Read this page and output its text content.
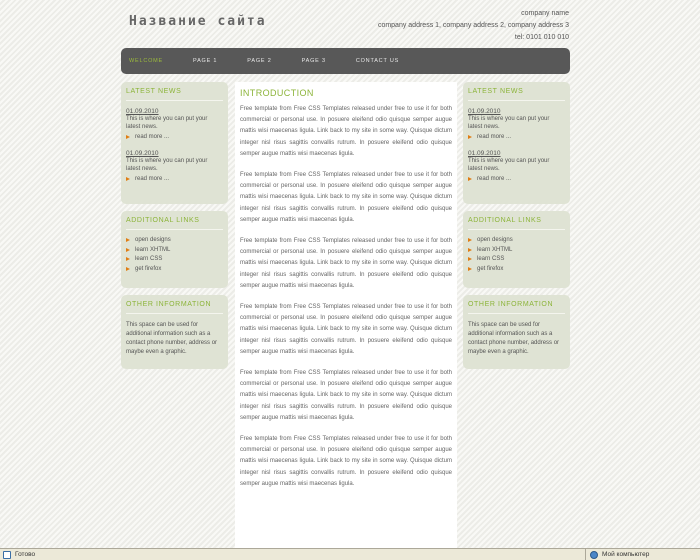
Название сайта
company name
company address 1, company address 2, company address 3
tel: 0101 010 010
WELCOME	PAGE 1	PAGE 2	PAGE 3	CONTACT US
LATEST NEWS
01.09.2010
This is where you can put your latest news.
read more ...
01.09.2010
This is where you can put your latest news.
read more ...
ADDITIONAL LINKS
open designs
learn XHTML
learn CSS
get firefox
OTHER INFORMATION

This space can be used for additional information such as a contact phone number, address or maybe even a graphic.

INTRODUCTION

Free template from Free CSS Templates released under free to use it for both commercial or personal use. In posuere eleifend odio quisque semper augue mattis wisi maecenas ligula. Link back to my site in some way. Quisque dictum integer nisl risus sagittis convallis rutrum. In posuere eleifend odio quisque semper augue mattis wisi maecenas ligula.

Free template from Free CSS Templates released under free to use it for both commercial or personal use. In posuere eleifend odio quisque semper augue mattis wisi maecenas ligula. Link back to my site in some way. Quisque dictum integer nisl risus sagittis convallis rutrum. In posuere eleifend odio quisque semper augue mattis wisi maecenas ligula.

Free template from Free CSS Templates released under free to use it for both commercial or personal use. In posuere eleifend odio quisque semper augue mattis wisi maecenas ligula. Link back to my site in some way. Quisque dictum integer nisl risus sagittis convallis rutrum. In posuere eleifend odio quisque semper augue mattis wisi maecenas ligula.

Free template from Free CSS Templates released under free to use it for both commercial or personal use. In posuere eleifend odio quisque semper augue mattis wisi maecenas ligula. Link back to my site in some way. Quisque dictum integer nisl risus sagittis convallis rutrum. In posuere eleifend odio quisque semper augue mattis wisi maecenas ligula.

Free template from Free CSS Templates released under free to use it for both commercial or personal use. In posuere eleifend odio quisque semper augue mattis wisi maecenas ligula. Link back to my site in some way. Quisque dictum integer nisl risus sagittis convallis rutrum. In posuere eleifend odio quisque semper augue mattis wisi maecenas ligula.

Free template from Free CSS Templates released under free to use it for both commercial or personal use. In posuere eleifend odio quisque semper augue mattis wisi maecenas ligula. Link back to my site in some way. Quisque dictum integer nisl risus sagittis convallis rutrum. In posuere eleifend odio quisque semper augue mattis wisi maecenas ligula.

LATEST NEWS
01.09.2010
This is where you can put your latest news.
read more ...
01.09.2010
This is where you can put your latest news.
read more ...
ADDITIONAL LINKS
open designs
learn XHTML
learn CSS
get firefox
OTHER INFORMATION

This space can be used for additional information such as a contact phone number, address or maybe even a graphic.

Готово	Мой компьютер
